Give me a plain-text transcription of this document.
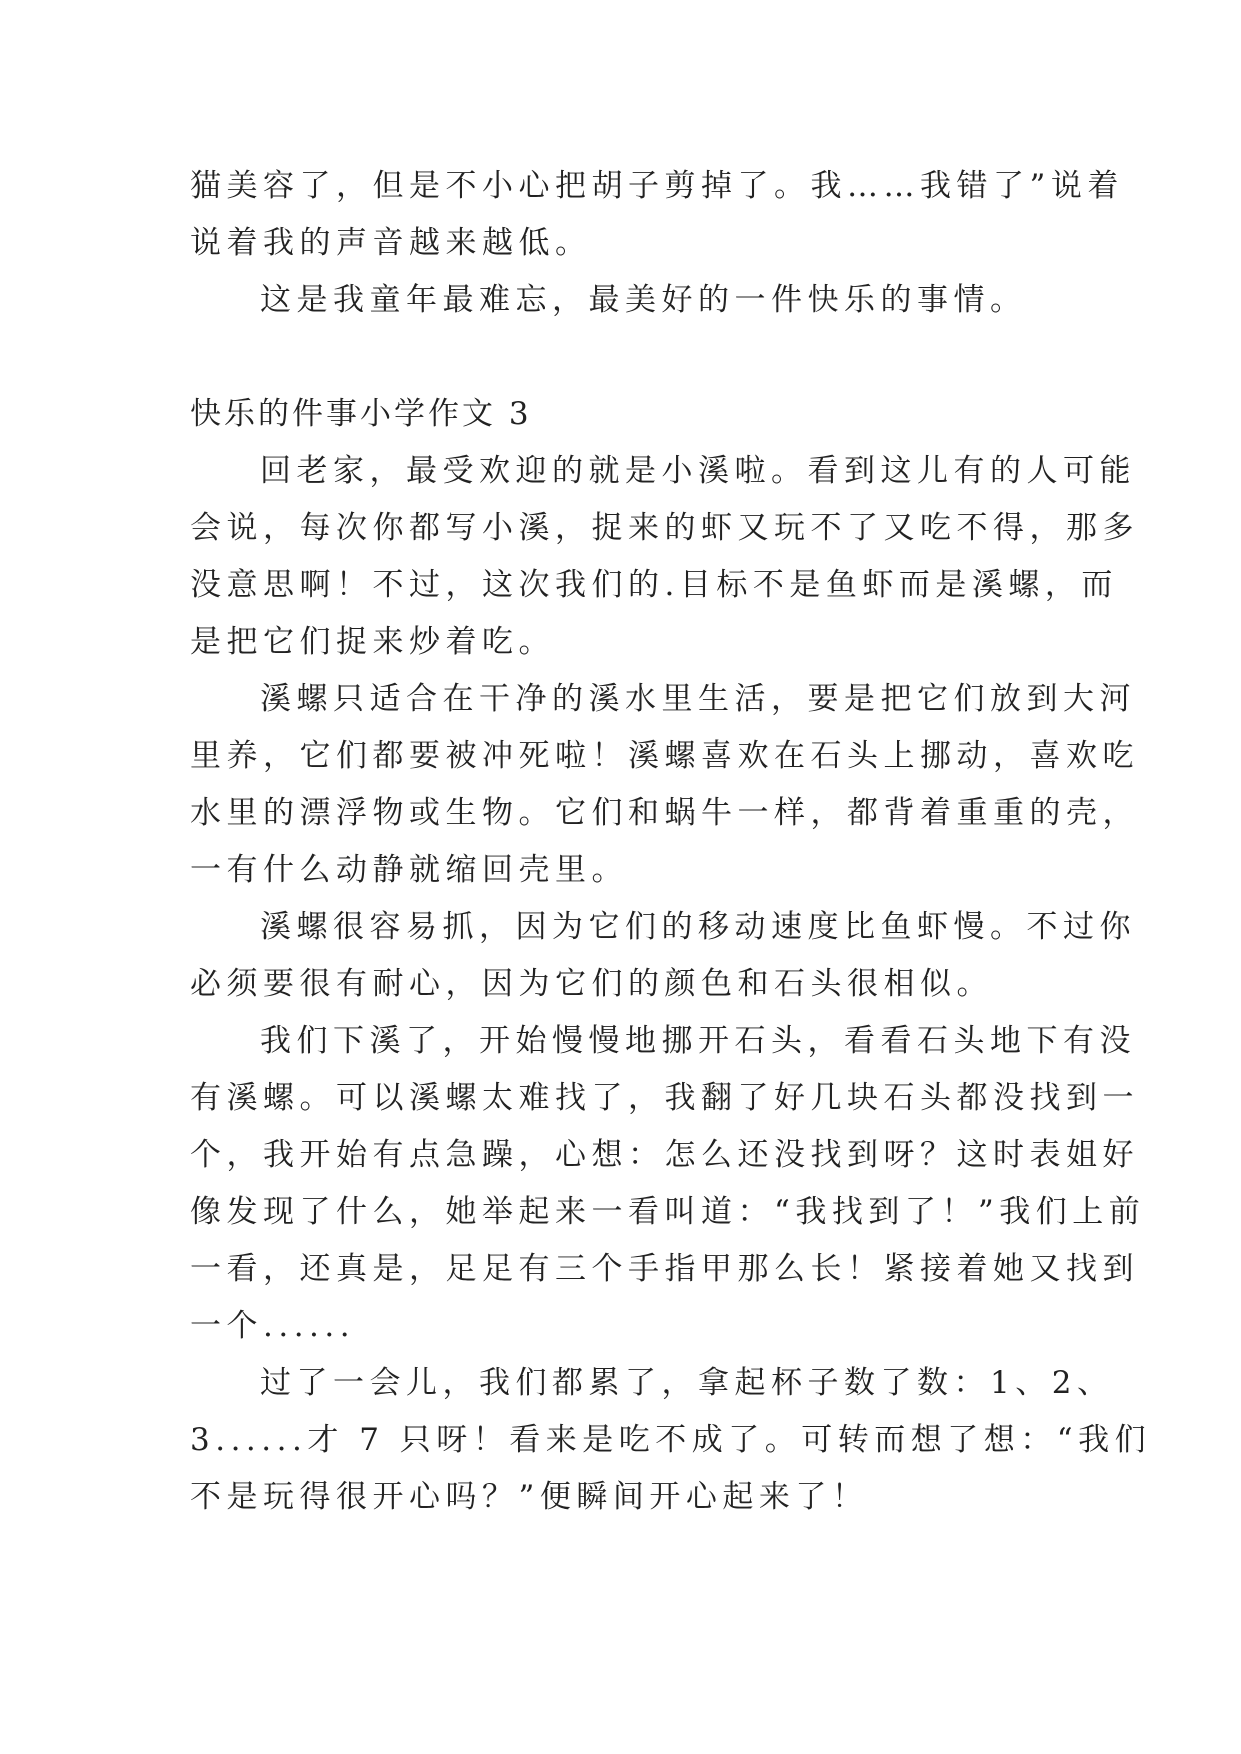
猫美容了，但是不小心把胡子剪掉了。我……我错了”说着
说着我的声音越来越低。
这是我童年最难忘，最美好的一件快乐的事情。
快乐的件事小学作文 3
回老家，最受欢迎的就是小溪啦。看到这儿有的人可能
会说，每次你都写小溪，捉来的虾又玩不了又吃不得，那多
没意思啊！不过，这次我们的.目标不是鱼虾而是溪螺，而
是把它们捉来炒着吃。
溪螺只适合在干净的溪水里生活，要是把它们放到大河
里养，它们都要被冲死啦！溪螺喜欢在石头上挪动，喜欢吃
水里的漂浮物或生物。它们和蜗牛一样，都背着重重的壳，
一有什么动静就缩回壳里。
溪螺很容易抓，因为它们的移动速度比鱼虾慢。不过你
必须要很有耐心，因为它们的颜色和石头很相似。
我们下溪了，开始慢慢地挪开石头，看看石头地下有没
有溪螺。可以溪螺太难找了，我翻了好几块石头都没找到一
个，我开始有点急躁，心想：怎么还没找到呀？这时表姐好
像发现了什么，她举起来一看叫道：“我找到了！”我们上前
一看，还真是，足足有三个手指甲那么长！紧接着她又找到
一个......
过了一会儿，我们都累了，拿起杯子数了数：1、2、
3......才 7 只呀！看来是吃不成了。可转而想了想：“我们
不是玩得很开心吗？”便瞬间开心起来了！
